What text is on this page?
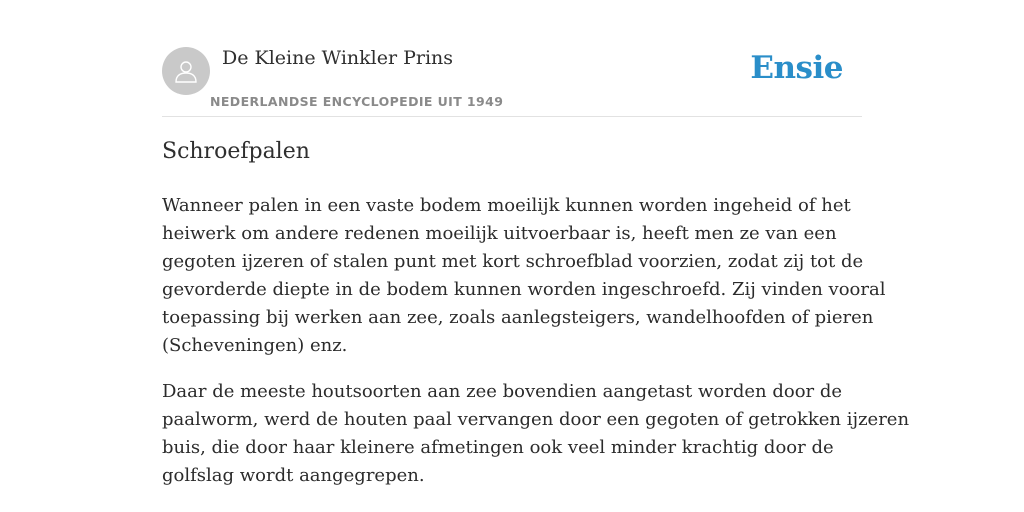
De Kleine Winkler Prins
NEDERLANDSE ENCYCLOPEDIE UIT 1949
Ensie
Schroefpalen

Wanneer palen in een vaste bodem moeilijk kunnen worden ingeheid of het
heiwerk om andere redenen moeilijk uitvoerbaar is, heeft men ze van een
gegoten ijzeren of stalen punt met kort schroefblad voorzien, zodat zij tot de
gevorderde diepte in de bodem kunnen worden ingeschroefd. Zij vinden vooral
toepassing bij werken aan zee, zoals aanlegsteigers, wandelhoofden of pieren
(Scheveningen) enz.

Daar de meeste houtsoorten aan zee bovendien aangetast worden door de
paalworm, werd de houten paal vervangen door een gegoten of getrokken ijzeren
buis, die door haar kleinere afmetingen ook veel minder krachtig door de
golfslag wordt aangegrepen.
